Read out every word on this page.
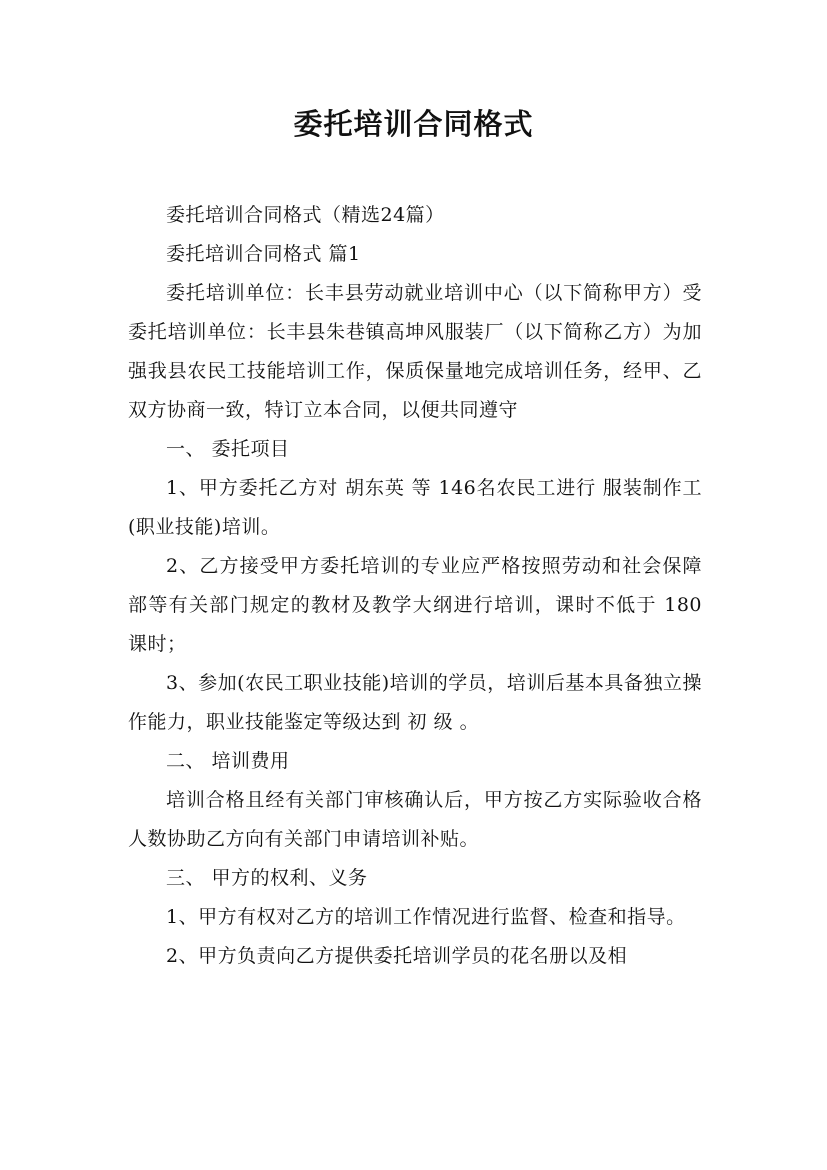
委托培训合同格式

委托培训合同格式（精选24篇）

委托培训合同格式 篇1

委托培训单位：长丰县劳动就业培训中心（以下简称甲方）受委托培训单位：长丰县朱巷镇高坤风服装厂（以下简称乙方）为加强我县农民工技能培训工作，保质保量地完成培训任务，经甲、乙双方协商一致，特订立本合同，以便共同遵守

一、 委托项目

1、甲方委托乙方对 胡东英 等 146名农民工进行 服装制作工(职业技能)培训。

2、乙方接受甲方委托培训的专业应严格按照劳动和社会保障部等有关部门规定的教材及教学大纲进行培训，课时不低于 180 课时；

3、参加(农民工职业技能)培训的学员，培训后基本具备独立操作能力，职业技能鉴定等级达到 初 级 。

二、 培训费用

培训合格且经有关部门审核确认后，甲方按乙方实际验收合格人数协助乙方向有关部门申请培训补贴。

三、 甲方的权利、义务

1、甲方有权对乙方的培训工作情况进行监督、检查和指导。

2、甲方负责向乙方提供委托培训学员的花名册以及相
